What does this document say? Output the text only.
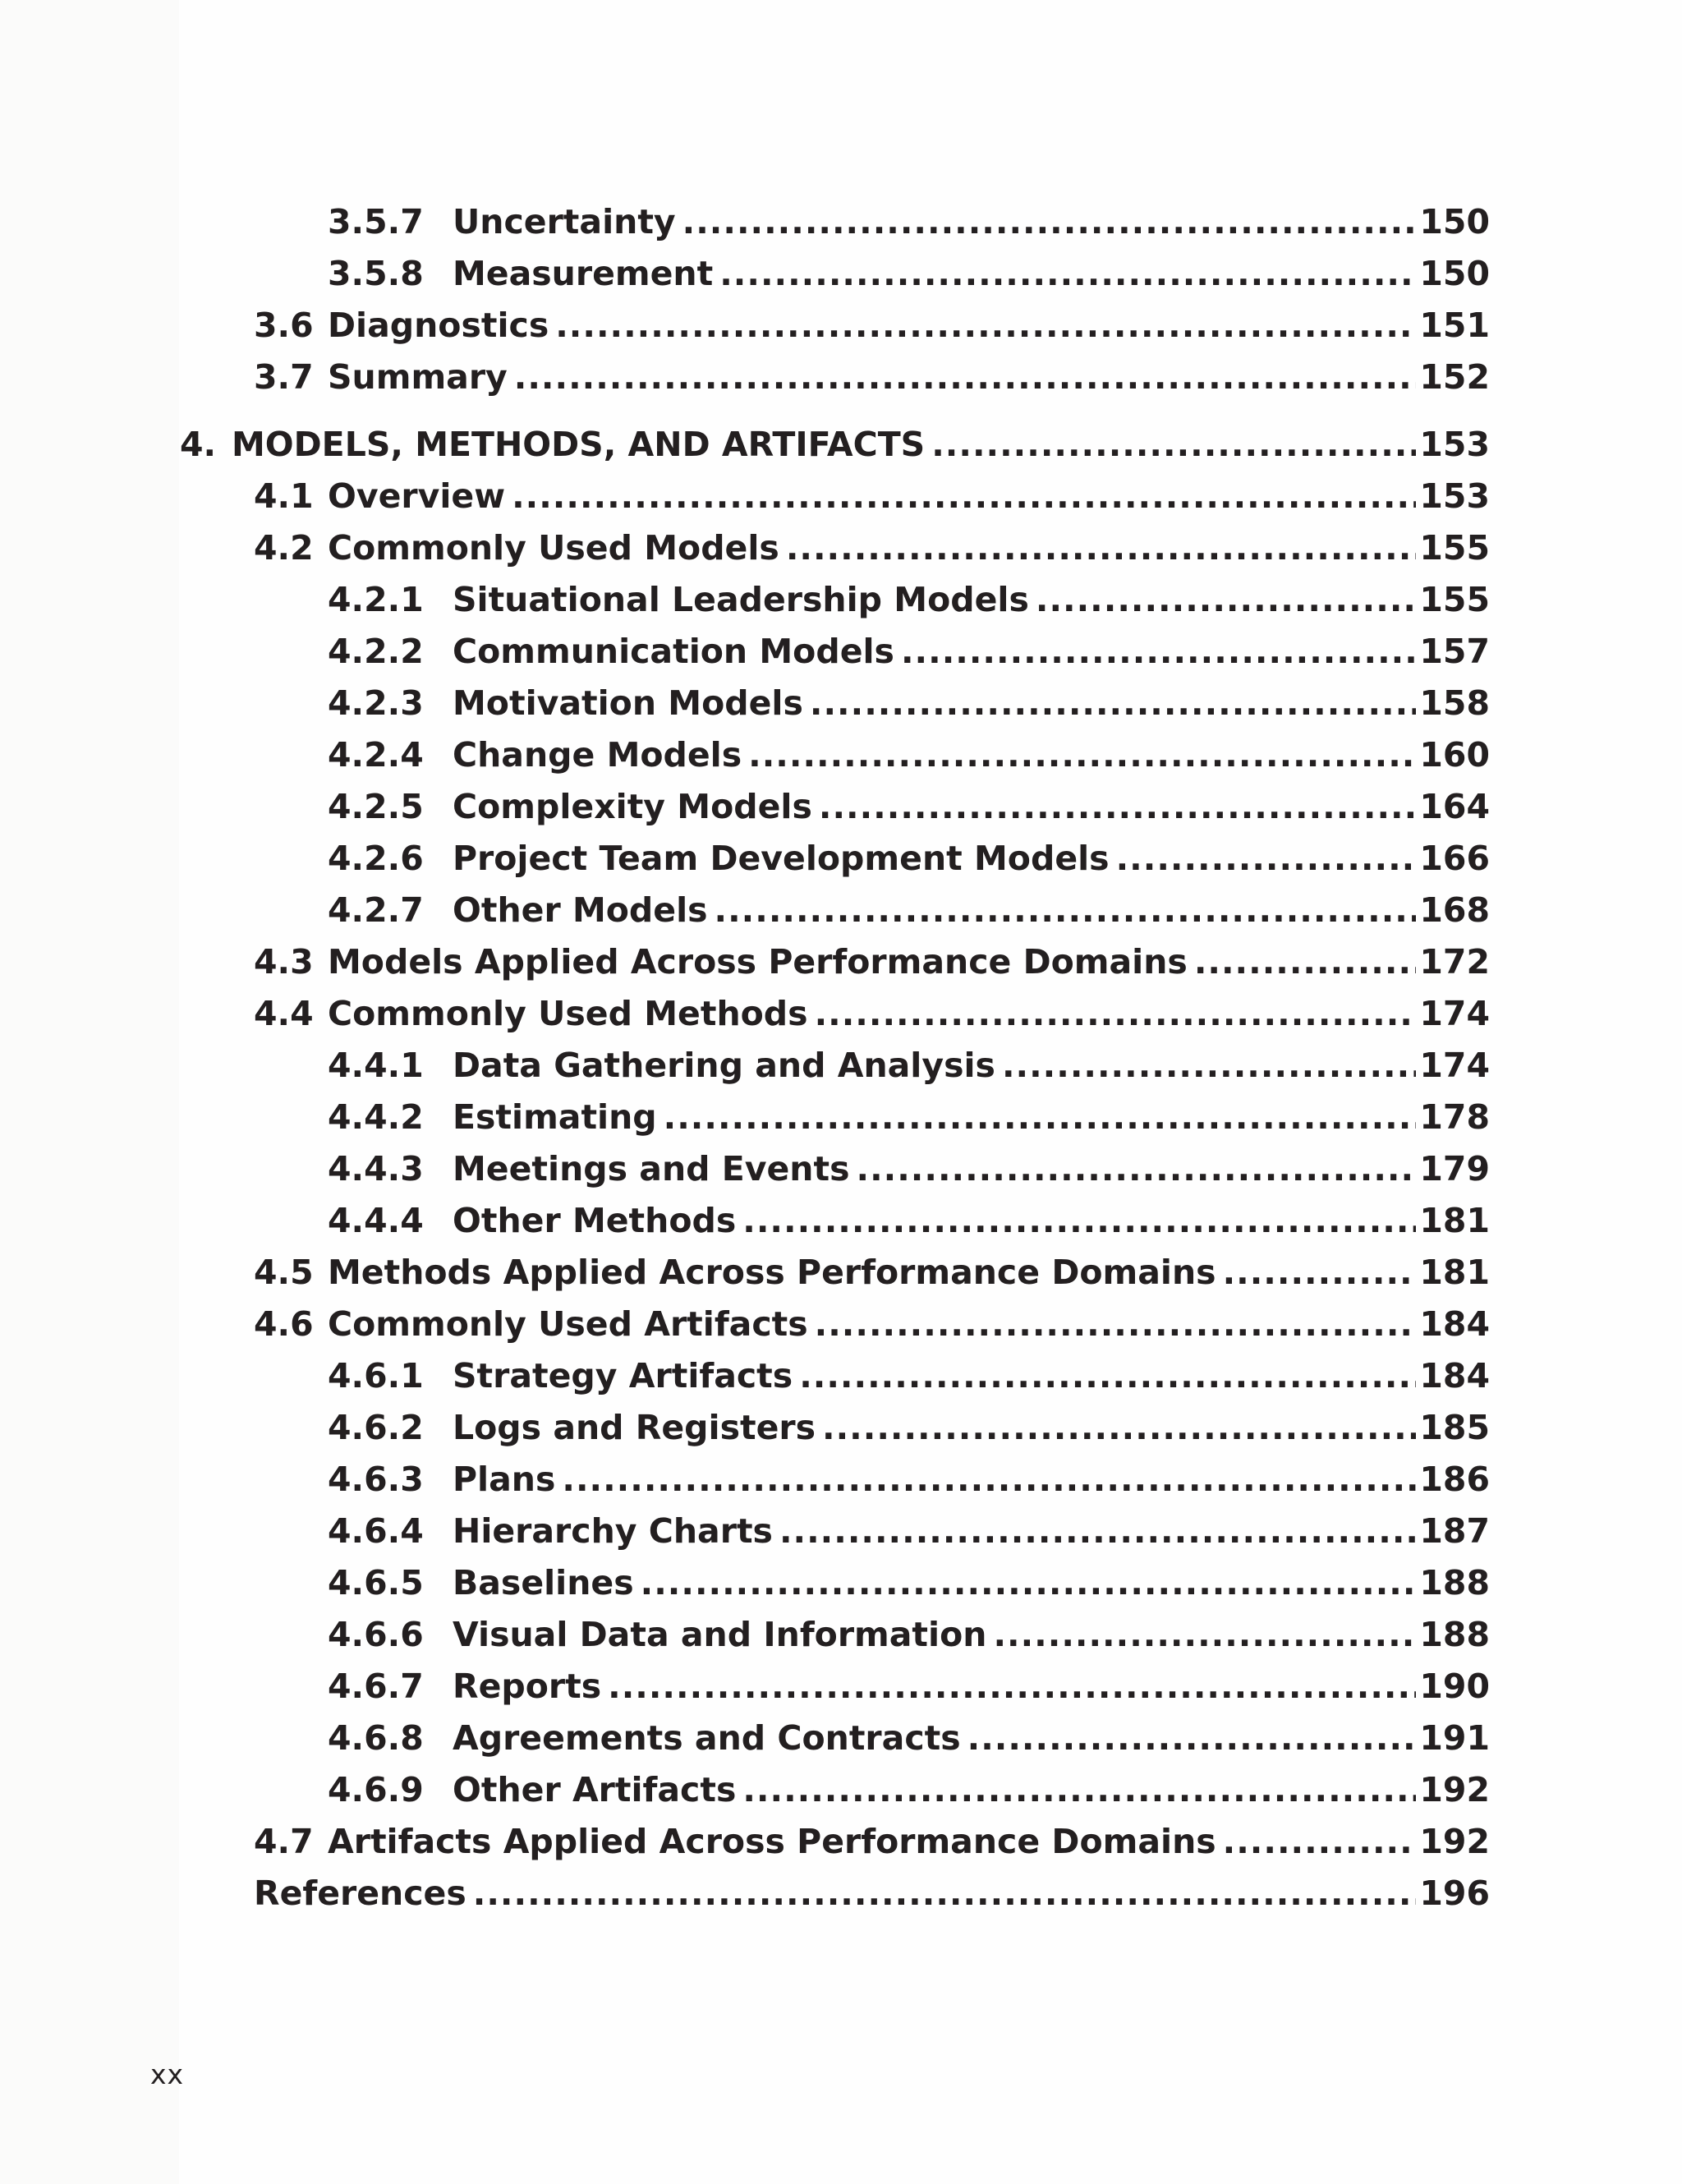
3.5.7 Uncertainty .....	150
3.5.8 Measurement .....	150
3.6 Diagnostics .....	151
3.7 Summary .....	152
4. MODELS, METHODS, AND ARTIFACTS .....	153
4.1 Overview .....	153
4.2 Commonly Used Models .....	155
4.2.1 Situational Leadership Models .....	155
4.2.2 Communication Models .....	157
4.2.3 Motivation Models .....	158
4.2.4 Change Models .....	160
4.2.5 Complexity Models .....	164
4.2.6 Project Team Development Models .....	166
4.2.7 Other Models .....	168
4.3 Models Applied Across Performance Domains .....	172
4.4 Commonly Used Methods .....	174
4.4.1 Data Gathering and Analysis .....	174
4.4.2 Estimating .....	178
4.4.3 Meetings and Events .....	179
4.4.4 Other Methods .....	181
4.5 Methods Applied Across Performance Domains .....	181
4.6 Commonly Used Artifacts .....	184
4.6.1 Strategy Artifacts .....	184
4.6.2 Logs and Registers .....	185
4.6.3 Plans .....	186
4.6.4 Hierarchy Charts .....	187
4.6.5 Baselines .....	188
4.6.6 Visual Data and Information .....	188
4.6.7 Reports .....	190
4.6.8 Agreements and Contracts .....	191
4.6.9 Other Artifacts .....	192
4.7 Artifacts Applied Across Performance Domains .....	192
References .....	196
xx
